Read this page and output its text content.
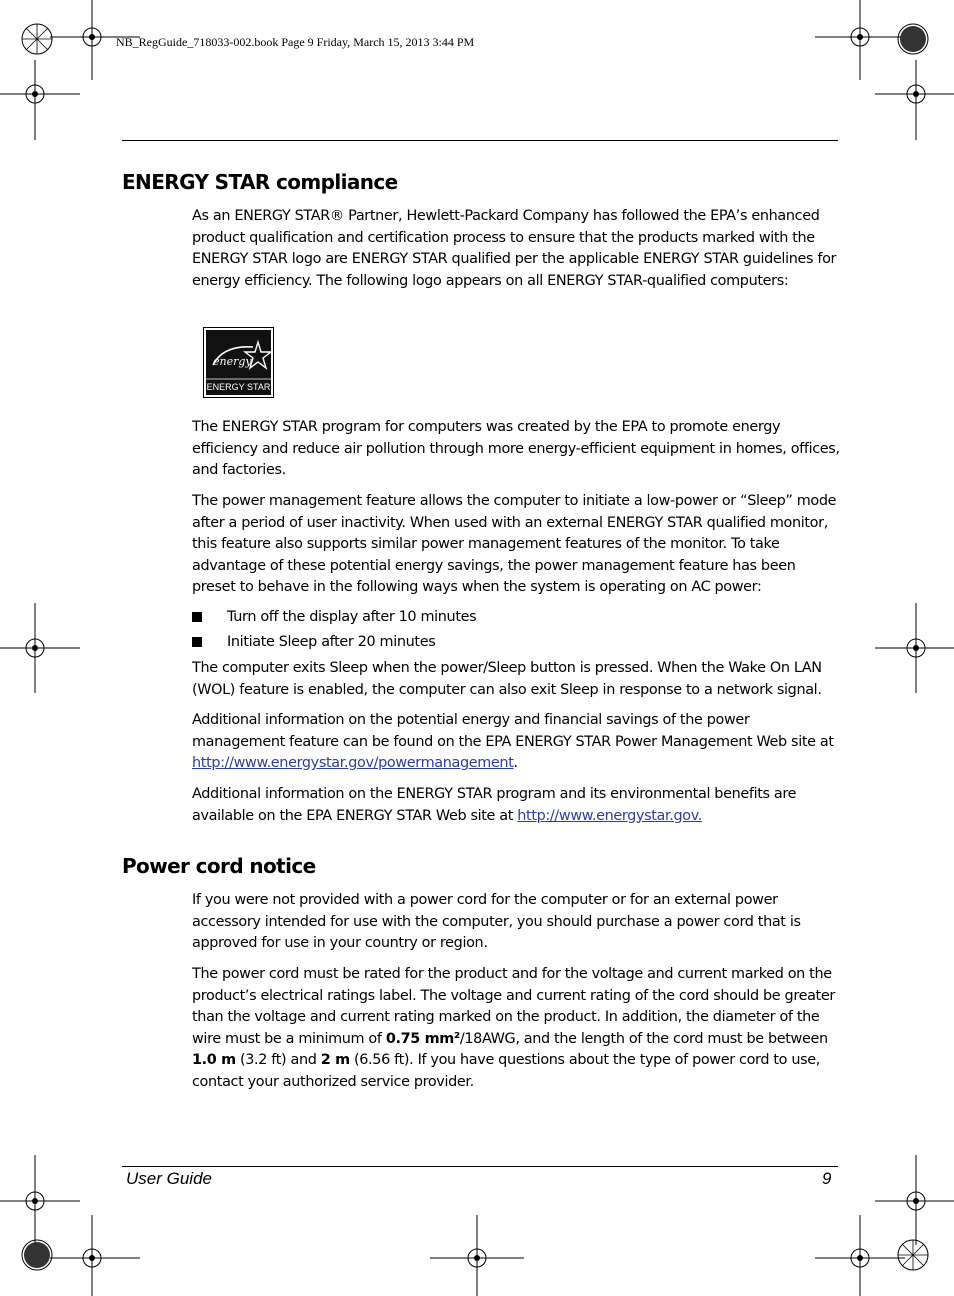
NB_RegGuide_718033-002.book Page 9 Friday, March 15, 2013 3:44 PM
ENERGY STAR compliance

As an ENERGY STAR® Partner, Hewlett-Packard Company has followed the EPA’s enhanced product qualification and certification process to ensure that the products marked with the ENERGY STAR logo are ENERGY STAR qualified per the applicable ENERGY STAR guidelines for energy efficiency. The following logo appears on all ENERGY STAR-qualified computers:

energy
ENERGY STAR

The ENERGY STAR program for computers was created by the EPA to promote energy efficiency and reduce air pollution through more energy-efficient equipment in homes, offices, and factories.

The power management feature allows the computer to initiate a low-power or “Sleep” mode after a period of user inactivity. When used with an external ENERGY STAR qualified monitor, this feature also supports similar power management features of the monitor. To take advantage of these potential energy savings, the power management feature has been preset to behave in the following ways when the system is operating on AC power:

Turn off the display after 10 minutes
Initiate Sleep after 20 minutes

The computer exits Sleep when the power/Sleep button is pressed. When the Wake On LAN (WOL) feature is enabled, the computer can also exit Sleep in response to a network signal.

Additional information on the potential energy and financial savings of the power management feature can be found on the EPA ENERGY STAR Power Management Web site at http://www.energystar.gov/powermanagement.

Additional information on the ENERGY STAR program and its environmental benefits are available on the EPA ENERGY STAR Web site at http://www.energystar.gov.

Power cord notice

If you were not provided with a power cord for the computer or for an external power accessory intended for use with the computer, you should purchase a power cord that is approved for use in your country or region.

The power cord must be rated for the product and for the voltage and current marked on the product’s electrical ratings label. The voltage and current rating of the cord should be greater than the voltage and current rating marked on the product. In addition, the diameter of the wire must be a minimum of 0.75 mm²/18AWG, and the length of the cord must be between 1.0 m (3.2 ft) and 2 m (6.56 ft). If you have questions about the type of power cord to use, contact your authorized service provider.

User Guide	9
